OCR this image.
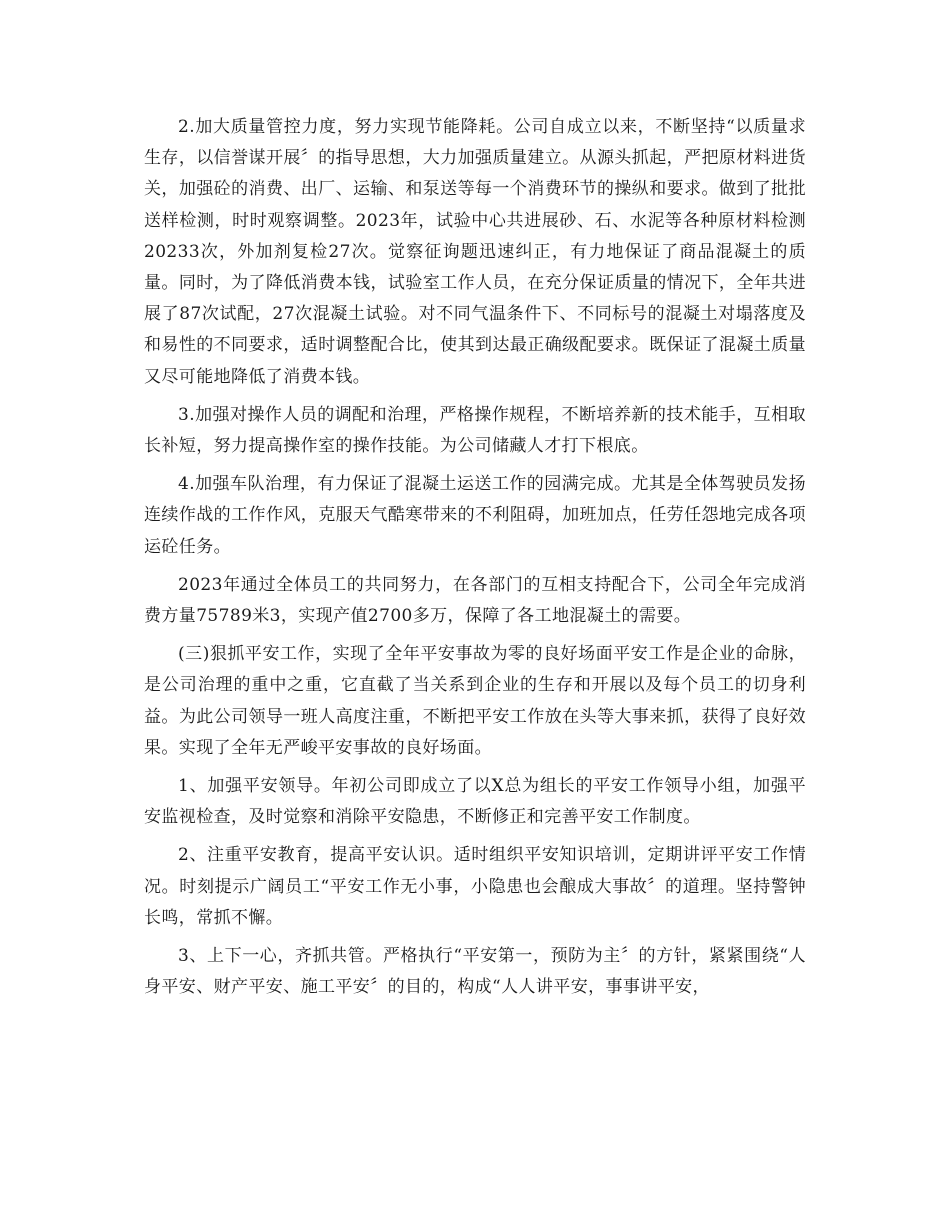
2.加大质量管控力度，努力实现节能降耗。公司自成立以来，不断坚持“以质量求生存，以信誉谋开展〞的指导思想，大力加强质量建立。从源头抓起，严把原材料进货关，加强砼的消费、出厂、运输、和泵送等每一个消费环节的操纵和要求。做到了批批送样检测，时时观察调整。2023年，试验中心共进展砂、石、水泥等各种原材料检测20233次，外加剂复检27次。觉察征询题迅速纠正，有力地保证了商品混凝土的质量。同时，为了降低消费本钱，试验室工作人员，在充分保证质量的情况下，全年共进展了87次试配，27次混凝土试验。对不同气温条件下、不同标号的混凝土对塌落度及和易性的不同要求，适时调整配合比，使其到达最正确级配要求。既保证了混凝土质量又尽可能地降低了消费本钱。

3.加强对操作人员的调配和治理，严格操作规程，不断培养新的技术能手，互相取长补短，努力提高操作室的操作技能。为公司储藏人才打下根底。

4.加强车队治理，有力保证了混凝土运送工作的园满完成。尤其是全体驾驶员发扬连续作战的工作作风，克服天气酷寒带来的不利阻碍，加班加点，任劳任怨地完成各项运砼任务。

2023年通过全体员工的共同努力，在各部门的互相支持配合下，公司全年完成消费方量75789米3，实现产值2700多万，保障了各工地混凝土的需要。

(三)狠抓平安工作，实现了全年平安事故为零的良好场面平安工作是企业的命脉，是公司治理的重中之重，它直截了当关系到企业的生存和开展以及每个员工的切身利益。为此公司领导一班人高度注重，不断把平安工作放在头等大事来抓，获得了良好效果。实现了全年无严峻平安事故的良好场面。

1、加强平安领导。年初公司即成立了以X总为组长的平安工作领导小组，加强平安监视检查，及时觉察和消除平安隐患，不断修正和完善平安工作制度。

2、注重平安教育，提高平安认识。适时组织平安知识培训，定期讲评平安工作情况。时刻提示广阔员工“平安工作无小事，小隐患也会酿成大事故〞的道理。坚持警钟长鸣，常抓不懈。

3、上下一心，齐抓共管。严格执行“平安第一，预防为主〞的方针，紧紧围绕“人身平安、财产平安、施工平安〞的目的，构成“人人讲平安，事事讲平安，
